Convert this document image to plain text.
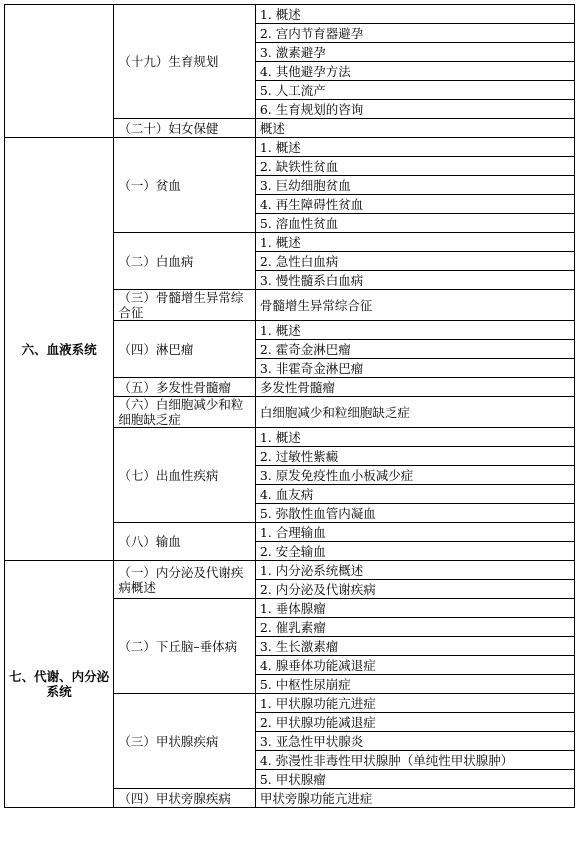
	（十九）生育规划	1. 概述
		2. 宫内节育器避孕
		3. 激素避孕
		4. 其他避孕方法
		5. 人工流产
		6. 生育规划的咨询
	（二十）妇女保健	概述
六、血液系统	（一）贫血	1. 概述
		2. 缺铁性贫血
		3. 巨幼细胞贫血
		4. 再生障碍性贫血
		5. 溶血性贫血
	（二）白血病	1. 概述
		2. 急性白血病
		3. 慢性髓系白血病
	（三）骨髓增生异常综合征	骨髓增生异常综合征
	（四）淋巴瘤	1. 概述
		2. 霍奇金淋巴瘤
		3. 非霍奇金淋巴瘤
	（五）多发性骨髓瘤	多发性骨髓瘤
	（六）白细胞减少和粒细胞缺乏症	白细胞减少和粒细胞缺乏症
	（七）出血性疾病	1. 概述
		2. 过敏性紫癜
		3. 原发免疫性血小板减少症
		4. 血友病
		5. 弥散性血管内凝血
	（八）输血	1. 合理输血
		2. 安全输血
七、代谢、内分泌系统	（一）内分泌及代谢疾病概述	1. 内分泌系统概述
		2. 内分泌及代谢疾病
	（二）下丘脑–垂体病	1. 垂体腺瘤
		2. 催乳素瘤
		3. 生长激素瘤
		4. 腺垂体功能减退症
		5. 中枢性尿崩症
	（三）甲状腺疾病	1. 甲状腺功能亢进症
		2. 甲状腺功能减退症
		3. 亚急性甲状腺炎
		4. 弥漫性非毒性甲状腺肿（单纯性甲状腺肿）
		5. 甲状腺瘤
	（四）甲状旁腺疾病	甲状旁腺功能亢进症
